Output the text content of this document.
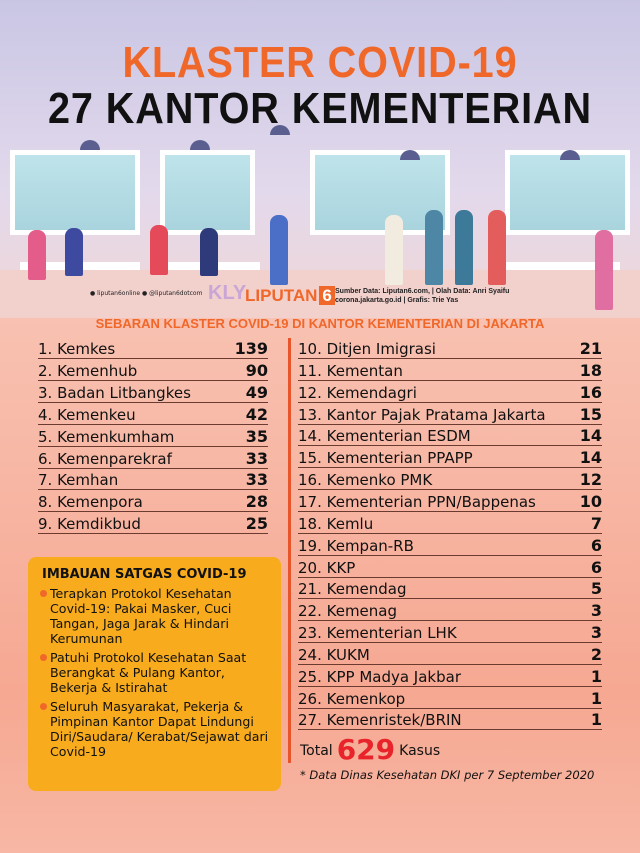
KLASTER COVID-19
27 KANTOR KEMENTERIAN
● liputan6online ● @liputan6dotcom KLY
LIPUTAN 6 Sumber Data: Liputan6.com, | Olah Data: Anri Syaifu
corona.jakarta.go.id | Grafis: Trie Yas
SEBARAN KLASTER COVID-19 DI KANTOR KEMENTERIAN DI JAKARTA
1. Kemkes	139
2. Kemenhub	90
3. Badan Litbangkes	49
4. Kemenkeu	42
5. Kemenkumham	35
6. Kemenparekraf	33
7. Kemhan	33
8. Kemenpora	28
9. Kemdikbud	25
10. Ditjen Imigrasi	21
11. Kementan	18
12. Kemendagri	16
13. Kantor Pajak Pratama Jakarta 15
14. Kementerian ESDM	14
15. Kementerian PPAPP	14
16. Kemenko PMK	12
17. Kementerian PPN/Bappenas	10
18. Kemlu	7
19. Kempan-RB	6
20. KKP	6
21. Kemendag	5
22. Kemenag	3
23. Kementerian LHK	3
24. KUKM	2
25. KPP Madya Jakbar	1
26. Kemenkop	1
27. Kemenristek/BRIN	1
IMBAUAN SATGAS COVID-19
Terapkan Protokol Kesehatan Covid-19: Pakai Masker, Cuci Tangan, Jaga Jarak & Hindari Kerumunan
Patuhi Protokol Kesehatan Saat Berangkat & Pulang Kantor, Bekerja & Istirahat
Seluruh Masyarakat, Pekerja & Pimpinan Kantor Dapat Lindungi Diri/Saudara/ Kerabat/Sejawat dari Covid-19	Total 629 Kasus
* Data Dinas Kesehatan DKI per 7 September 2020
